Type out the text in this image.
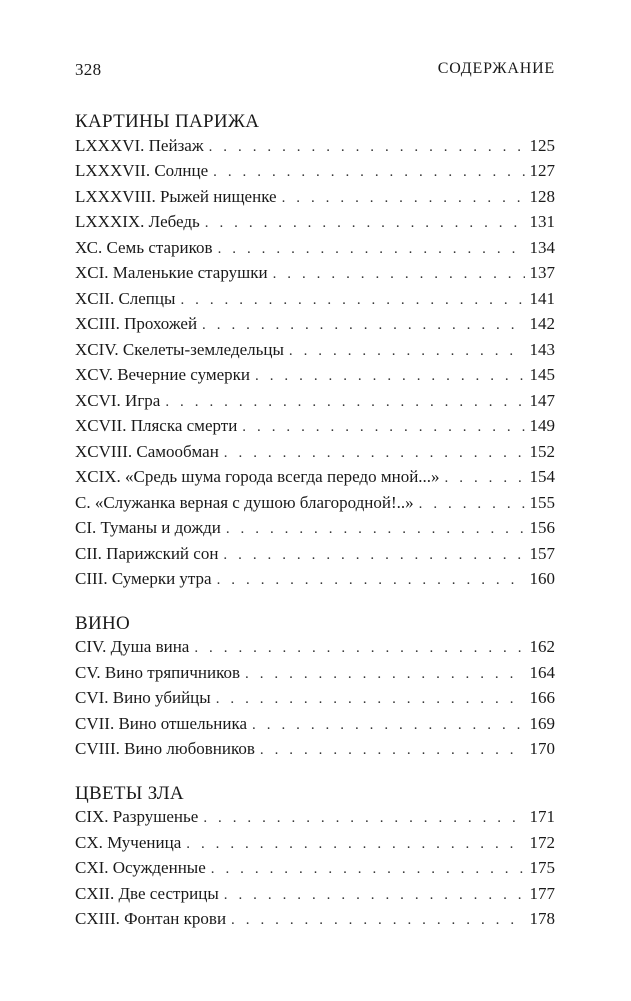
328	СОДЕРЖАНИЕ
КАРТИНЫ ПАРИЖА
LXXXVI. Пейзаж . . .	125
LXXXVII. Солнце . . .	127
LXXXVIII. Рыжей нищенке . . .	128
LXXXIX. Лебедь . . .	131
ХС. Семь стариков . . .	134
XCI. Маленькие старушки . . .	137
XCII. Слепцы . . .	141
XCIII. Прохожей . . .	142
XCIV. Скелеты-земледельцы . . .	143
XCV. Вечерние сумерки . . .	145
XCVI. Игра . . .	147
XCVII. Пляска смерти . . .	149
XCVIII. Самообман . . .	152
XCIX. «Средь шума города всегда передо мной...» . . .	154
С. «Служанка верная с душою благородной!..» . . .	155
CI. Туманы и дожди . . .	156
CII. Парижский сон . . .	157
CIII. Сумерки утра . . .	160
ВИНО
CIV. Душа вина . . .	162
CV. Вино тряпичников . . .	164
CVI. Вино убийцы . . .	166
CVII. Вино отшельника . . .	169
CVIII. Вино любовников . . .	170
ЦВЕТЫ ЗЛА
CIX. Разрушенье . . .	171
CX. Мученица . . .	172
CXI. Осужденные . . .	175
CXII. Две сестрицы . . .	177
CXIII. Фонтан крови . . .	178
